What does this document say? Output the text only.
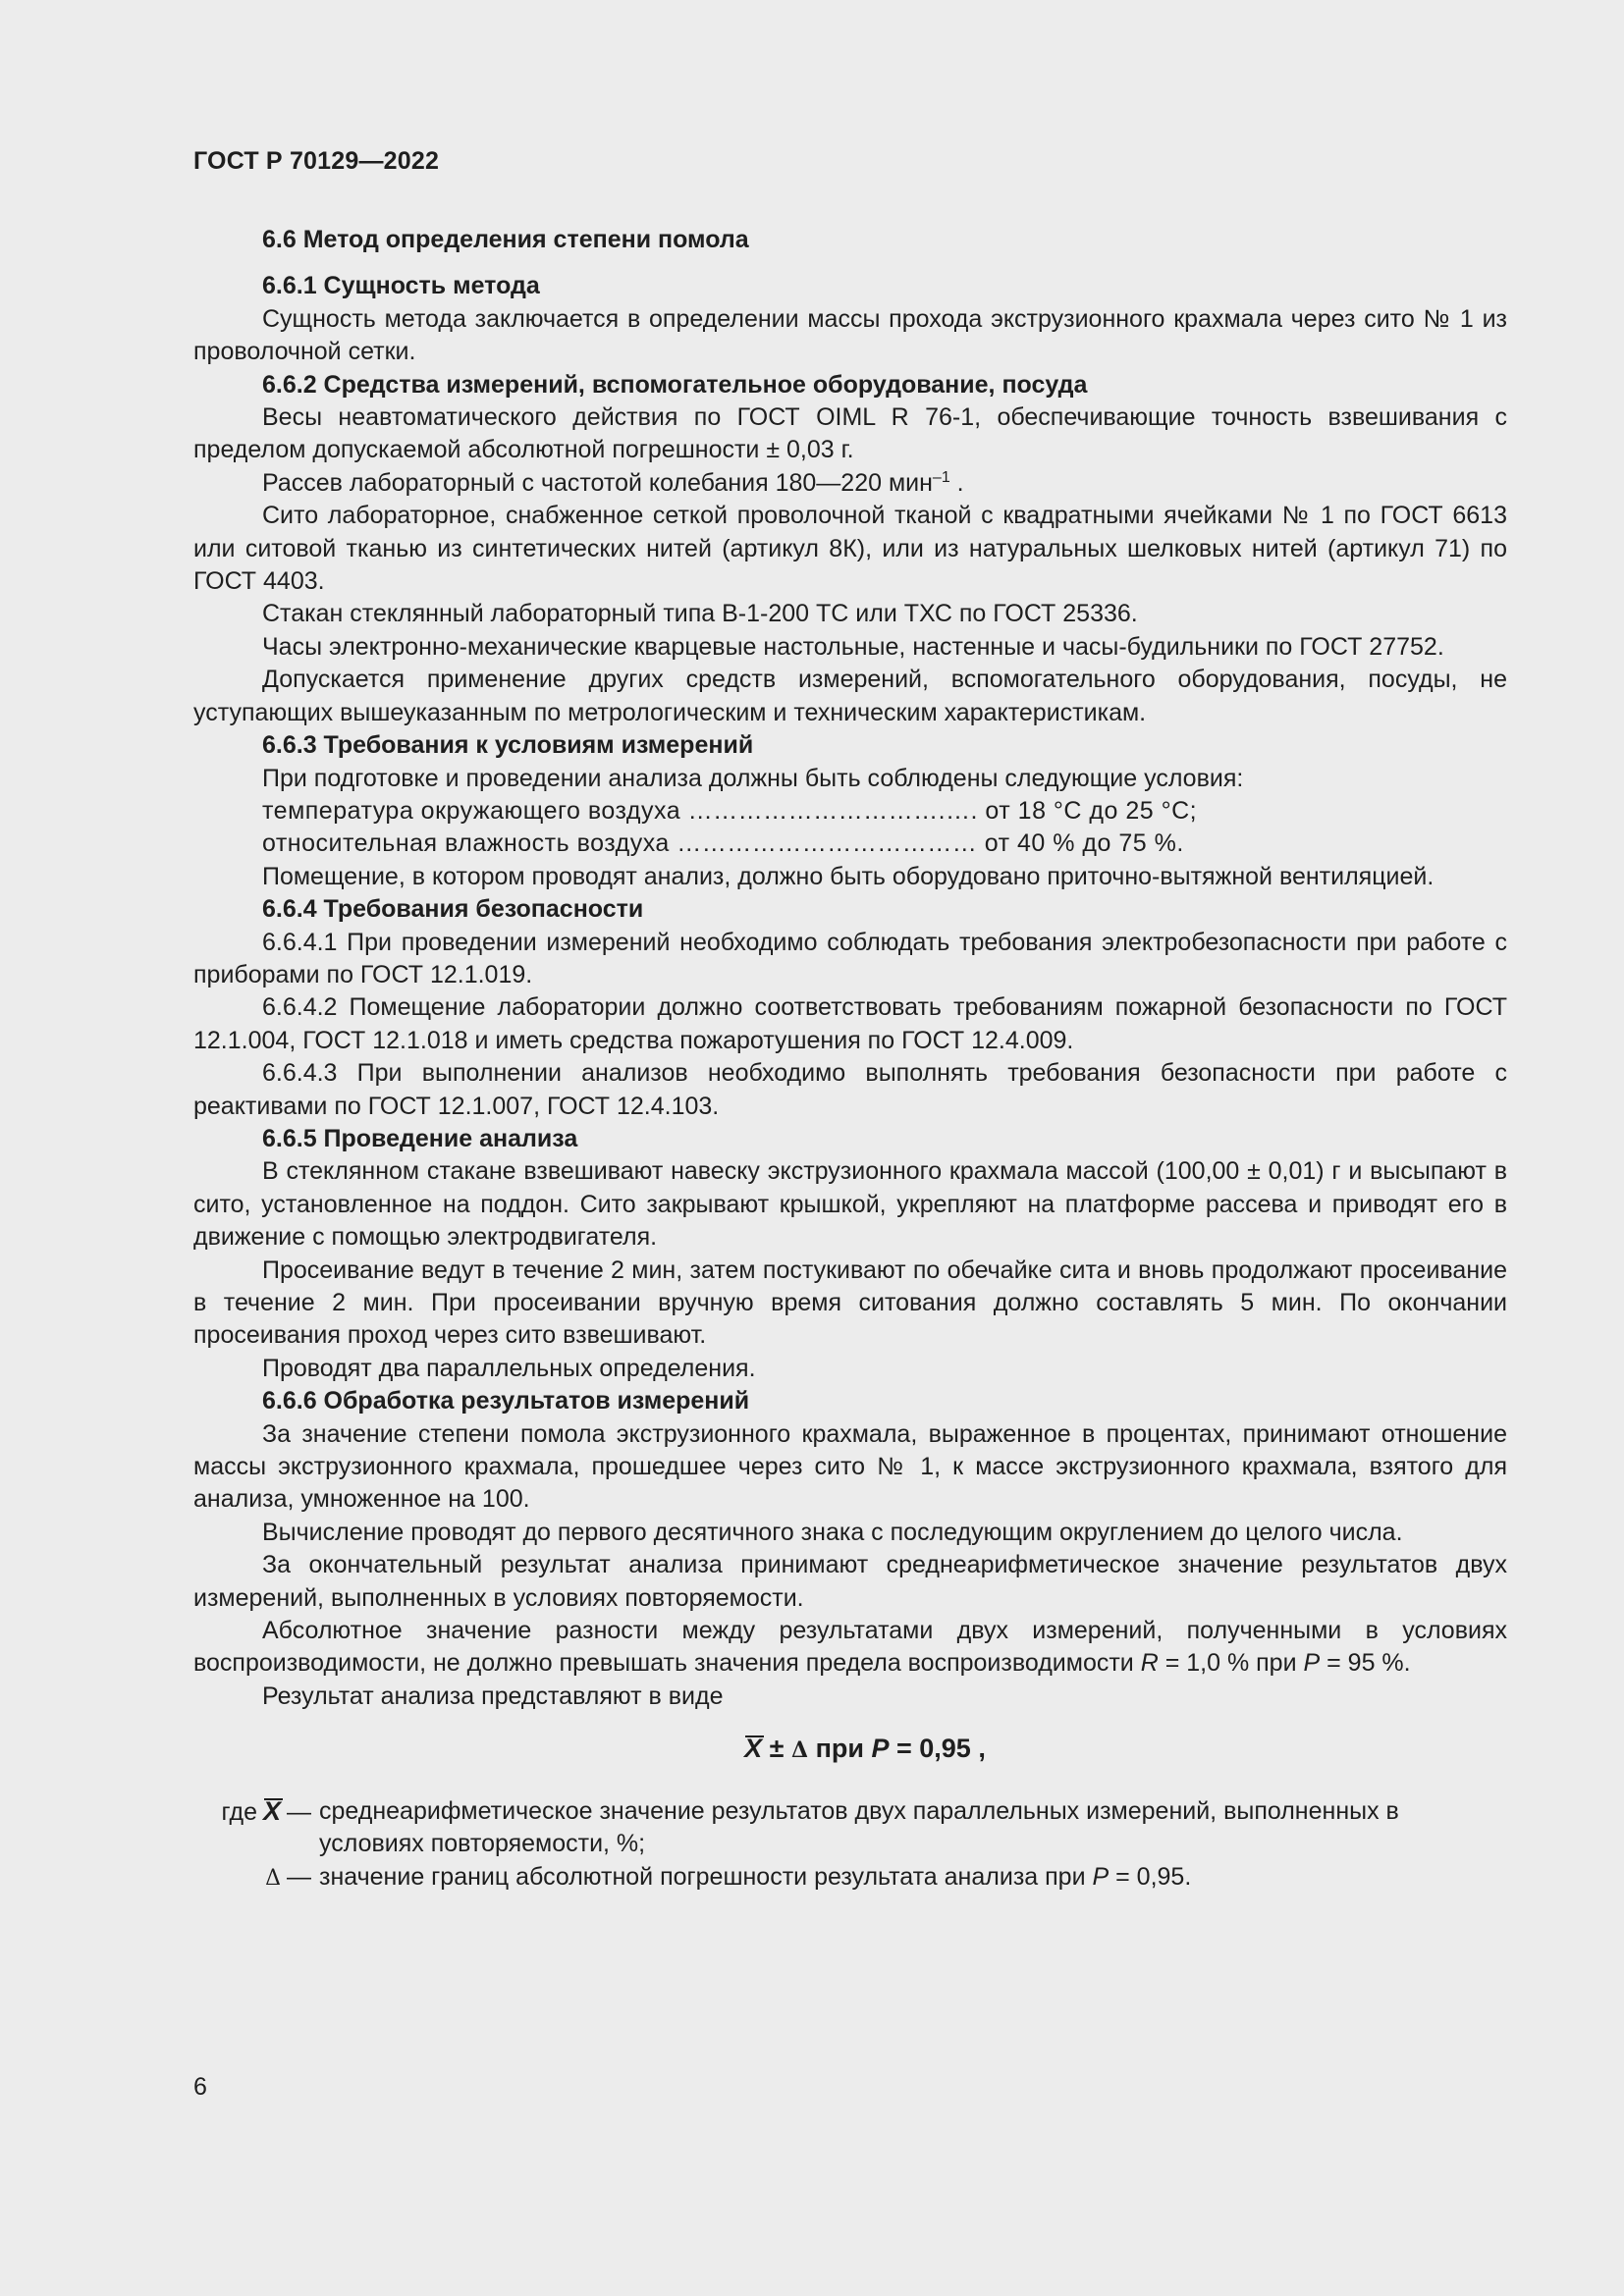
ГОСТ Р 70129—2022

6.6 Метод определения степени помола

6.6.1 Сущность метода

Сущность метода заключается в определении массы прохода экструзионного крахмала через сито № 1 из проволочной сетки.

6.6.2 Средства измерений, вспомогательное оборудование, посуда

Весы неавтоматического действия по ГОСТ OIML R 76-1, обеспечивающие точность взвешивания с пределом допускаемой абсолютной погрешности ± 0,03 г.

Рассев лабораторный с частотой колебания 180—220 мин$^{-1}$ .

Сито лабораторное, снабженное сеткой проволочной тканой с квадратными ячейками № 1 по ГОСТ 6613 или ситовой тканью из синтетических нитей (артикул 8К), или из натуральных шелковых нитей (артикул 71) по ГОСТ 4403.

Стакан стеклянный лабораторный типа В-1-200 ТС или ТХС по ГОСТ 25336.

Часы электронно-механические кварцевые настольные, настенные и часы-будильники по ГОСТ 27752.

Допускается применение других средств измерений, вспомогательного оборудования, посуды, не уступающих вышеуказанным по метрологическим и техническим характеристикам.

6.6.3 Требования к условиям измерений

При подготовке и проведении анализа должны быть соблюдены следующие условия:

температура окружающего воздуха ………………………….…. от 18 °С до 25 °С;

относительная влажность воздуха ……………………………… от 40 % до 75 %.

Помещение, в котором проводят анализ, должно быть оборудовано приточно-вытяжной вентиляцией.

6.6.4 Требования безопасности

6.6.4.1 При проведении измерений необходимо соблюдать требования электробезопасности при работе с приборами по ГОСТ 12.1.019.

6.6.4.2 Помещение лаборатории должно соответствовать требованиям пожарной безопасности по ГОСТ 12.1.004, ГОСТ 12.1.018 и иметь средства пожаротушения по ГОСТ 12.4.009.

6.6.4.3 При выполнении анализов необходимо выполнять требования безопасности при работе с реактивами по ГОСТ 12.1.007, ГОСТ 12.4.103.

6.6.5 Проведение анализа

В стеклянном стакане взвешивают навеску экструзионного крахмала массой (100,00 ± 0,01) г и высыпают в сито, установленное на поддон. Сито закрывают крышкой, укрепляют на платформе рассева и приводят его в движение с помощью электродвигателя.

Просеивание ведут в течение 2 мин, затем постукивают по обечайке сита и вновь продолжают просеивание в течение 2 мин. При просеивании вручную время ситования должно составлять 5 мин. По окончании просеивания проход через сито взвешивают.

Проводят два параллельных определения.

6.6.6 Обработка результатов измерений

За значение степени помола экструзионного крахмала, выраженное в процентах, принимают отношение массы экструзионного крахмала, прошедшее через сито № 1, к массе экструзионного крахмала, взятого для анализа, умноженное на 100.

Вычисление проводят до первого десятичного знака с последующим округлением до целого числа.

За окончательный результат анализа принимают среднеарифметическое значение результатов двух измерений, выполненных в условиях повторяемости.

Абсолютное значение разности между результатами двух измерений, полученными в условиях воспроизводимости, не должно превышать значения предела воспроизводимости R = 1,0 % при P = 95 %.

Результат анализа представляют в виде

X ± Δ при P = 0,95 ,
где X — среднеарифметическое значение результатов двух параллельных измерений, выполненных в условиях повторяемости, %;
Δ — значение границ абсолютной погрешности результата анализа при P = 0,95.
6
